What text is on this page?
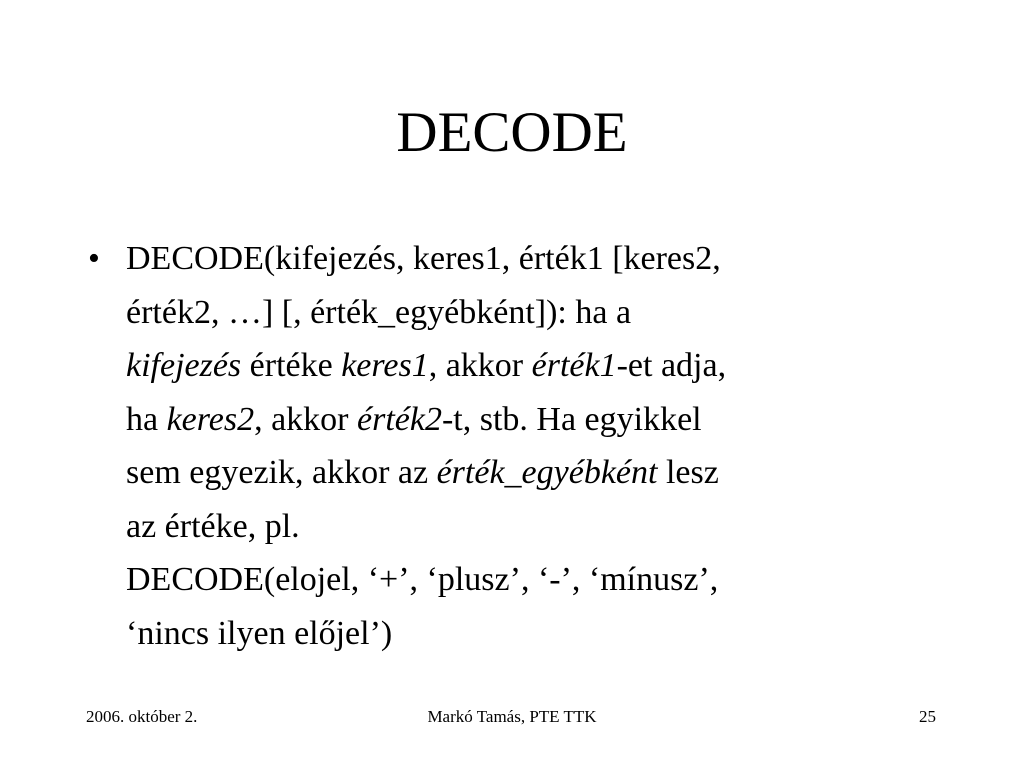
DECODE
• DECODE(kifejezés, keres1, érték1 [keres2,
érték2, …] [, érték_egyébként]): ha a
kifejezés értéke keres1, akkor érték1-et adja,
ha keres2, akkor érték2-t, stb. Ha egyikkel
sem egyezik, akkor az érték_egyébként lesz
az értéke, pl.
DECODE(elojel, ‘+’, ‘plusz’, ‘-’, ‘mínusz’,
‘nincs ilyen előjel’)
2006. október 2.	Markó Tamás, PTE TTK	25
